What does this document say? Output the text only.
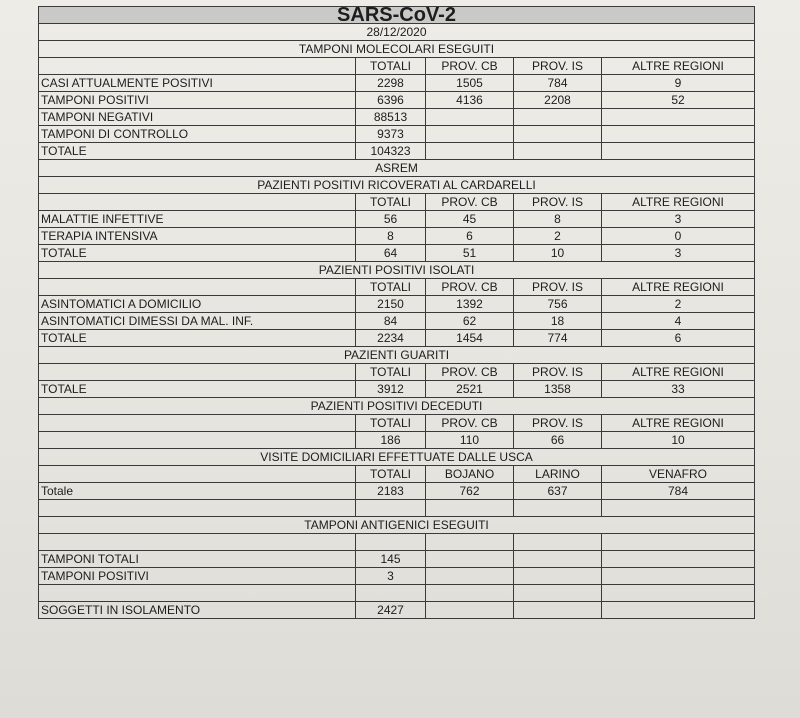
SARS-CoV-2				
28/12/2020				
TAMPONI MOLECOLARI ESEGUITI				
	TOTALI	PROV. CB	PROV. IS	ALTRE REGIONI
CASI ATTUALMENTE POSITIVI	2298	1505	784	9
TAMPONI POSITIVI	6396	4136	2208	52
TAMPONI NEGATIVI	88513			
TAMPONI DI CONTROLLO	9373			
TOTALE	104323			
ASREM				
PAZIENTI POSITIVI RICOVERATI AL CARDARELLI				
	TOTALI	PROV. CB	PROV. IS	ALTRE REGIONI
MALATTIE INFETTIVE	56	45	8	3
TERAPIA INTENSIVA	8	6	2	0
TOTALE	64	51	10	3
PAZIENTI POSITIVI ISOLATI				
	TOTALI	PROV. CB	PROV. IS	ALTRE REGIONI
ASINTOMATICI A DOMICILIO	2150	1392	756	2
ASINTOMATICI DIMESSI DA MAL. INF.	84	62	18	4
TOTALE	2234	1454	774	6
PAZIENTI GUARITI				
	TOTALI	PROV. CB	PROV. IS	ALTRE REGIONI
TOTALE	3912	2521	1358	33
PAZIENTI POSITIVI DECEDUTI				
	TOTALI	PROV. CB	PROV. IS	ALTRE REGIONI
	186	110	66	10
VISITE DOMICILIARI EFFETTUATE DALLE USCA				
	TOTALI	BOJANO	LARINO	VENAFRO
Totale	2183	762	637	784

TAMPONI ANTIGENICI ESEGUITI				

TAMPONI TOTALI	145			
TAMPONI POSITIVI	3			

SOGGETTI IN ISOLAMENTO	2427			
